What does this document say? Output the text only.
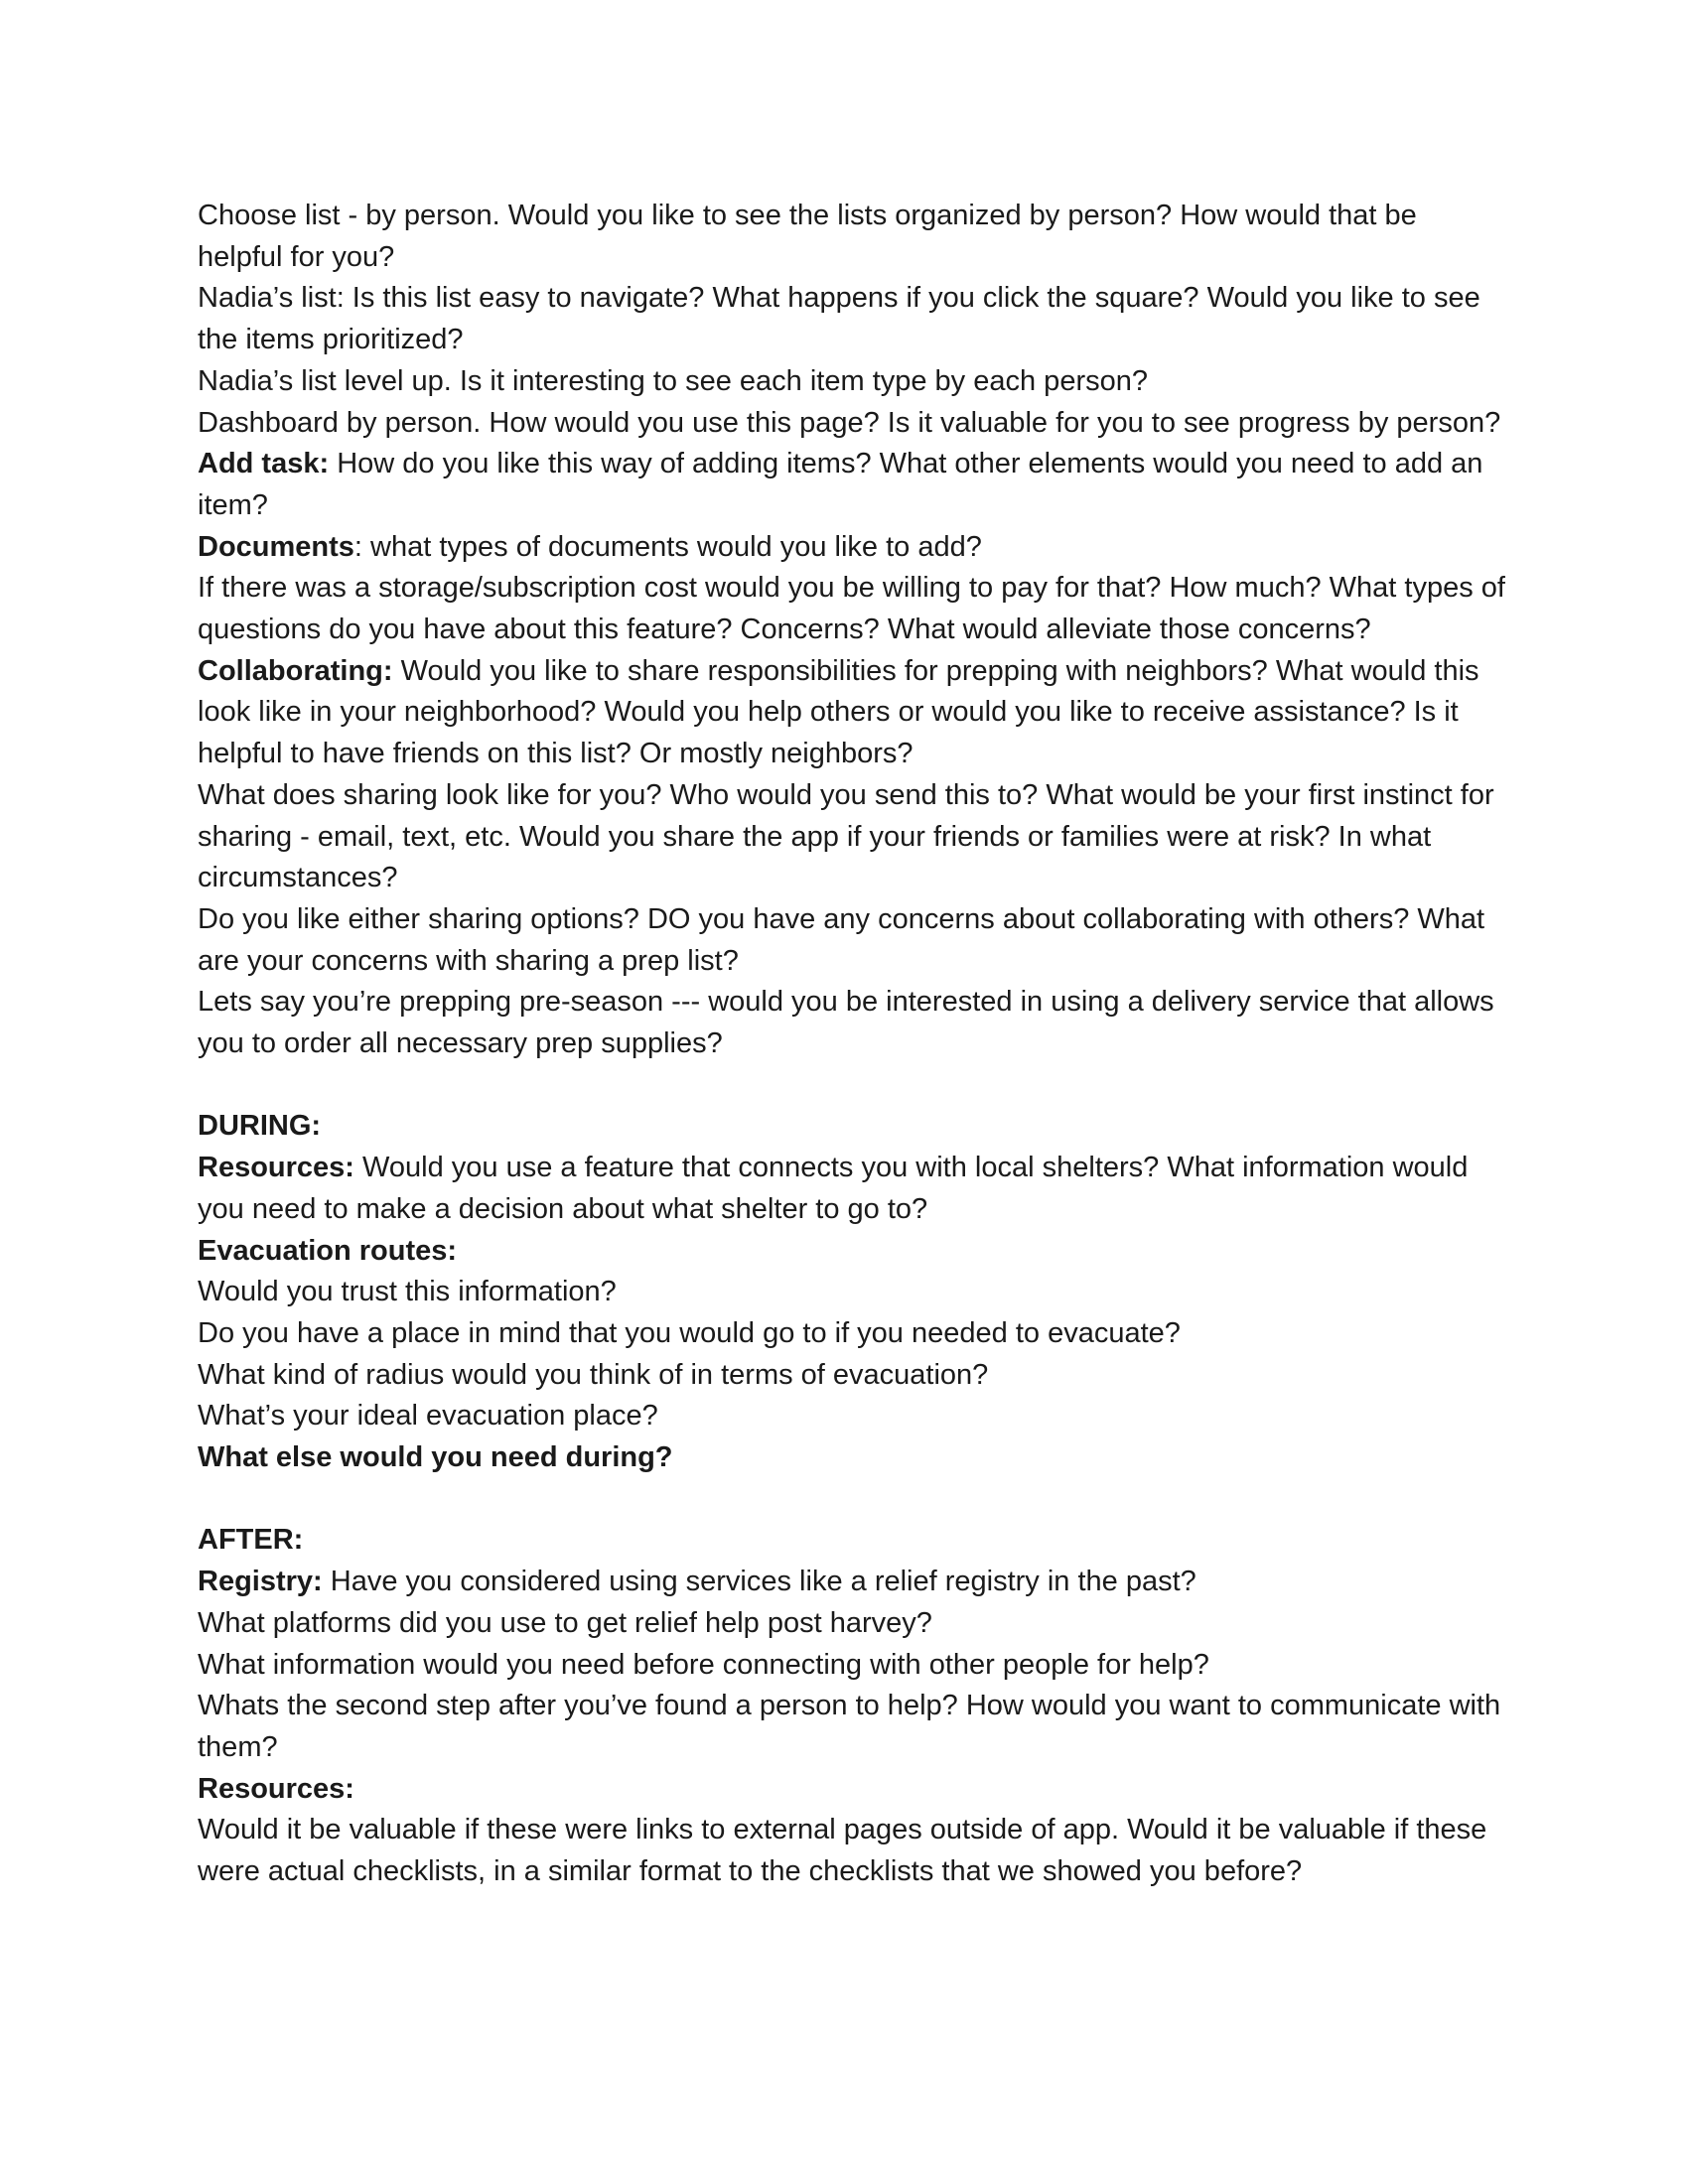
Choose list - by person. Would you like to see the lists organized by person? How would that be helpful for you?

Nadia’s list: Is this list easy to navigate? What happens if you click the square? Would you like to see the items prioritized?

Nadia’s list level up. Is it interesting to see each item type by each person?

Dashboard by person. How would you use this page? Is it valuable for you to see progress by person?

Add task: How do you like this way of adding items? What other elements would you need to add an item?

Documents: what types of documents would you like to add?

If there was a storage/subscription cost would you be willing to pay for that? How much? What types of questions do you have about this feature? Concerns? What would alleviate those concerns?

Collaborating: Would you like to share responsibilities for prepping with neighbors? What would this look like in your neighborhood? Would you help others or would you like to receive assistance? Is it helpful to have friends on this list? Or mostly neighbors?

What does sharing look like for you? Who would you send this to? What would be your first instinct for sharing - email, text, etc. Would you share the app if your friends or families were at risk? In what circumstances?

Do you like either sharing options? DO you have any concerns about collaborating with others? What are your concerns with sharing a prep list?

Lets say you’re prepping pre-season --- would you be interested in using a delivery service that allows you to order all necessary prep supplies?

DURING:

Resources: Would you use a feature that connects you with local shelters? What information would you need to make a decision about what shelter to go to?

Evacuation routes:

Would you trust this information?

Do you have a place in mind that you would go to if you needed to evacuate?

What kind of radius would you think of in terms of evacuation?

What’s your ideal evacuation place?

What else would you need during?

AFTER:

Registry: Have you considered using services like a relief registry in the past?

What platforms did you use to get relief help post harvey?

What information would you need before connecting with other people for help?

Whats the second step after you’ve found a person to help? How would you want to communicate with them?

Resources:

Would it be valuable if these were links to external pages outside of app. Would it be valuable if these were actual checklists, in a similar format to the checklists that we showed you before?
